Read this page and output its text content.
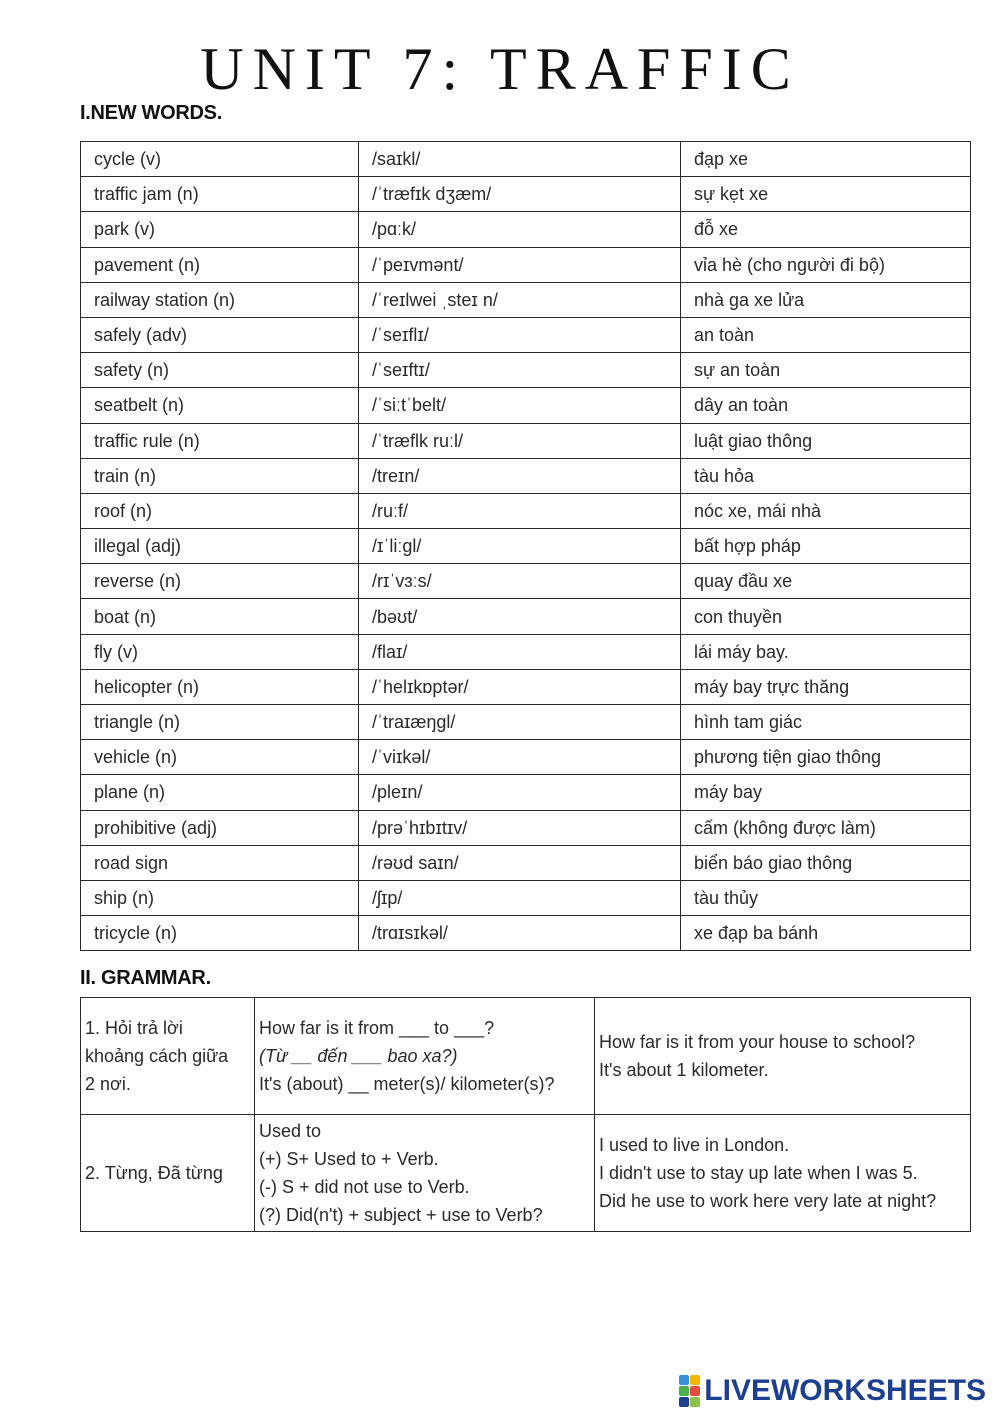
UNIT 7: TRAFFIC
I.NEW WORDS.
cycle (v)	/saɪkl/	đạp xe
traffic jam (n)	/ˈtræfɪk dʒæm/	sự kẹt xe
park (v)	/pɑːk/	đỗ xe
pavement (n)	/ˈpeɪvmənt/	vỉa hè (cho người đi bộ)
railway station (n)	/ˈreɪlwei ˌsteɪ n/	nhà ga xe lửa
safely (adv)	/ˈseɪflɪ/	an toàn
safety (n)	/ˈseɪftɪ/	sự an toàn
seatbelt (n)	/ˈsiːtˈbelt/	dây an toàn
traffic rule (n)	/ˈtræflk ruːl/	luật giao thông
train (n)	/treɪn/	tàu hỏa
roof (n)	/ruːf/	nóc xe, mái nhà
illegal (adj)	/ɪˈliːgl/	bất hợp pháp
reverse (n)	/rɪˈvɜːs/	quay đầu xe
boat (n)	/bəʊt/	con thuyền
fly (v)	/flaɪ/	lái máy bay.
helicopter (n)	/ˈhelɪkɒptər/	máy bay trực thăng
triangle (n)	/ˈtraɪæŋgl/	hình tam giác
vehicle (n)	/ˈviɪkəl/	phương tiện giao thông
plane (n)	/pleɪn/	máy bay
prohibitive (adj)	/prəˈhɪbɪtɪv/	cấm (không được làm)
road sign	/rəʊd saɪn/	biển báo giao thông
ship (n)	/ʃɪp/	tàu thủy
tricycle (n)	/trɑɪsɪkəl/	xe đạp ba bánh
II. GRAMMAR.
1. Hỏi trả lời
khoảng cách giữa
2 nơi.	How far is it from ___ to ___?
(Từ __ đến ___ bao xa?)
It's (about) __ meter(s)/ kilometer(s)?	How far is it from your house to school?
It's about 1 kilometer.

2. Từng, Đã từng	Used to
(+) S+ Used to + Verb.
(-) S + did not use to Verb.
(?) Did(n't) + subject + use to Verb?	I used to live in London.
I didn't use to stay up late when I was 5.
Did he use to work here very late at night?
LIVEWORKSHEETS
